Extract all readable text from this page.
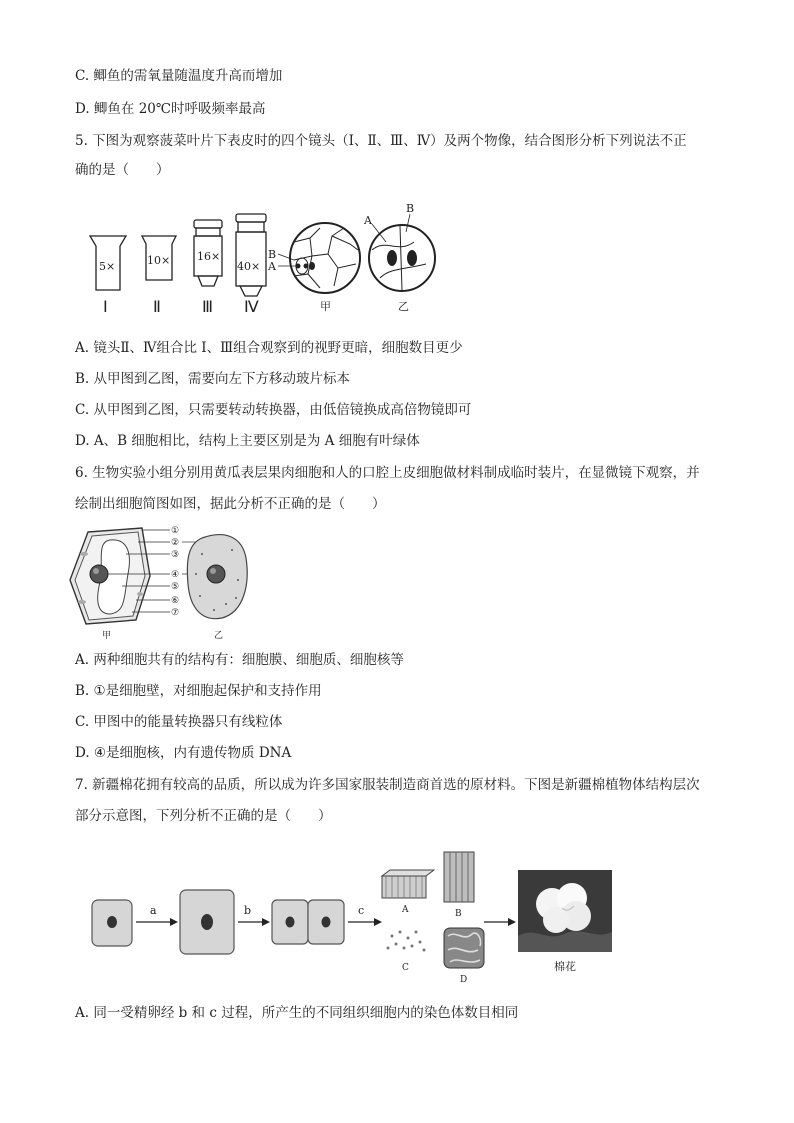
C. 鲫鱼的需氧量随温度升高而增加
D. 鲫鱼在 20℃时呼吸频率最高
5. 下图为观察菠菜叶片下表皮时的四个镜头（I、Ⅱ、Ⅲ、Ⅳ）及两个物像，结合图形分析下列说法不正
确的是（　　）
5×
Ⅰ
10×
Ⅱ
16×
Ⅲ
40×
Ⅳ
B
A
甲
A
B
乙
A. 镜头Ⅱ、Ⅳ组合比 I、Ⅲ组合观察到的视野更暗，细胞数目更少
B. 从甲图到乙图，需要向左下方移动玻片标本
C. 从甲图到乙图，只需要转动转换器，由低倍镜换成高倍物镜即可
D. A、B 细胞相比，结构上主要区别是为 A 细胞有叶绿体
6. 生物实验小组分别用黄瓜表层果肉细胞和人的口腔上皮细胞做材料制成临时装片，在显微镜下观察，并
绘制出细胞简图如图，据此分析不正确的是（　　）
甲
①
②
③
④
⑤
⑥
⑦
乙
A. 两种细胞共有的结构有：细胞膜、细胞质、细胞核等
B. ①是细胞壁，对细胞起保护和支持作用
C. 甲图中的能量转换器只有线粒体
D. ④是细胞核，内有遗传物质 DNA
7. 新疆棉花拥有较高的品质，所以成为许多国家服装制造商首选的原材料。下图是新疆棉植物体结构层次
部分示意图，下列分析不正确的是（　　）
a	b	c	A	B
C
D
棉花
A. 同一受精卵经 b 和 c 过程，所产生的不同组织细胞内的染色体数目相同
